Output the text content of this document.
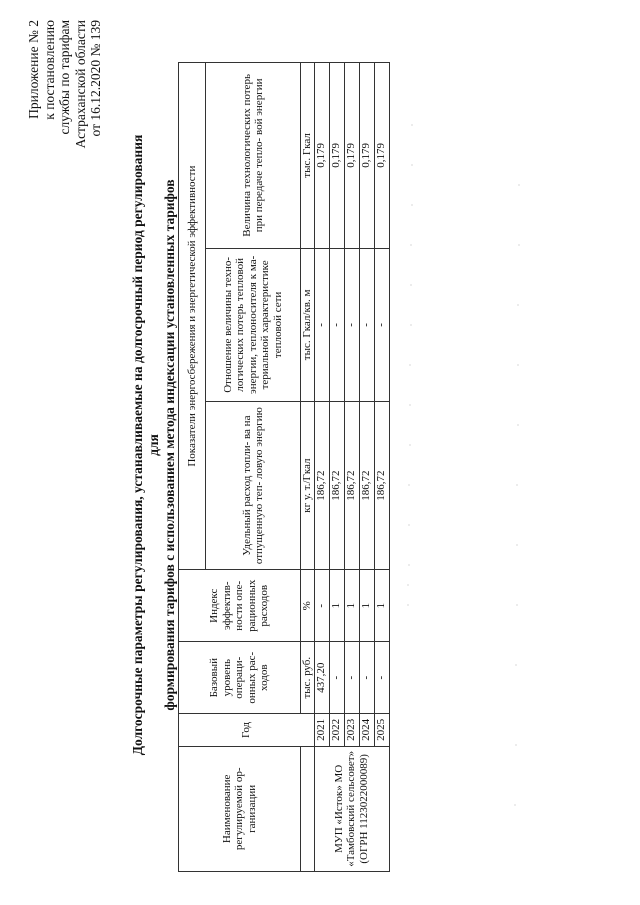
Приложение № 2 к постановлению службы по тарифам Астраханской области от 16.12.2020 № 139
Долгосрочные параметры регулирования, устанавливаемые на долгосрочный период регулирования для формирования тарифов с использованием метода индексации установленных тарифов
Наименование регулируемой ор- ганизации	Год	Базовый уровень операци- онных рас- ходов	Индекс эффектив- ности опе- рационных расходов	Показатели энергосбережения и энергетической эффективности		
				Удельный расход топли- ва на отпущенную теп- ловую энергию	Отношение величины техно- логических потерь тепловой энергии, теплоносителя к ма- териальной характеристике тепловой сети	Величина технологических потерь при передаче тепло- вой энергии
		тыс. руб.	%	кг у. т./Гкал	тыс. Гкал/кв. м	тыс. Гкал
МУП «Исток» МО «Тамбовский сельсовет» (ОГРН 1123022000089)	2021	437,20	-	186,72	-	0,179
	2022	-	1	186,72	-	0,179
	2023	-	1	186,72	-	0,179
	2024	-	1	186,72	-	0,179
	2025	-	1	186,72	-	0,179
